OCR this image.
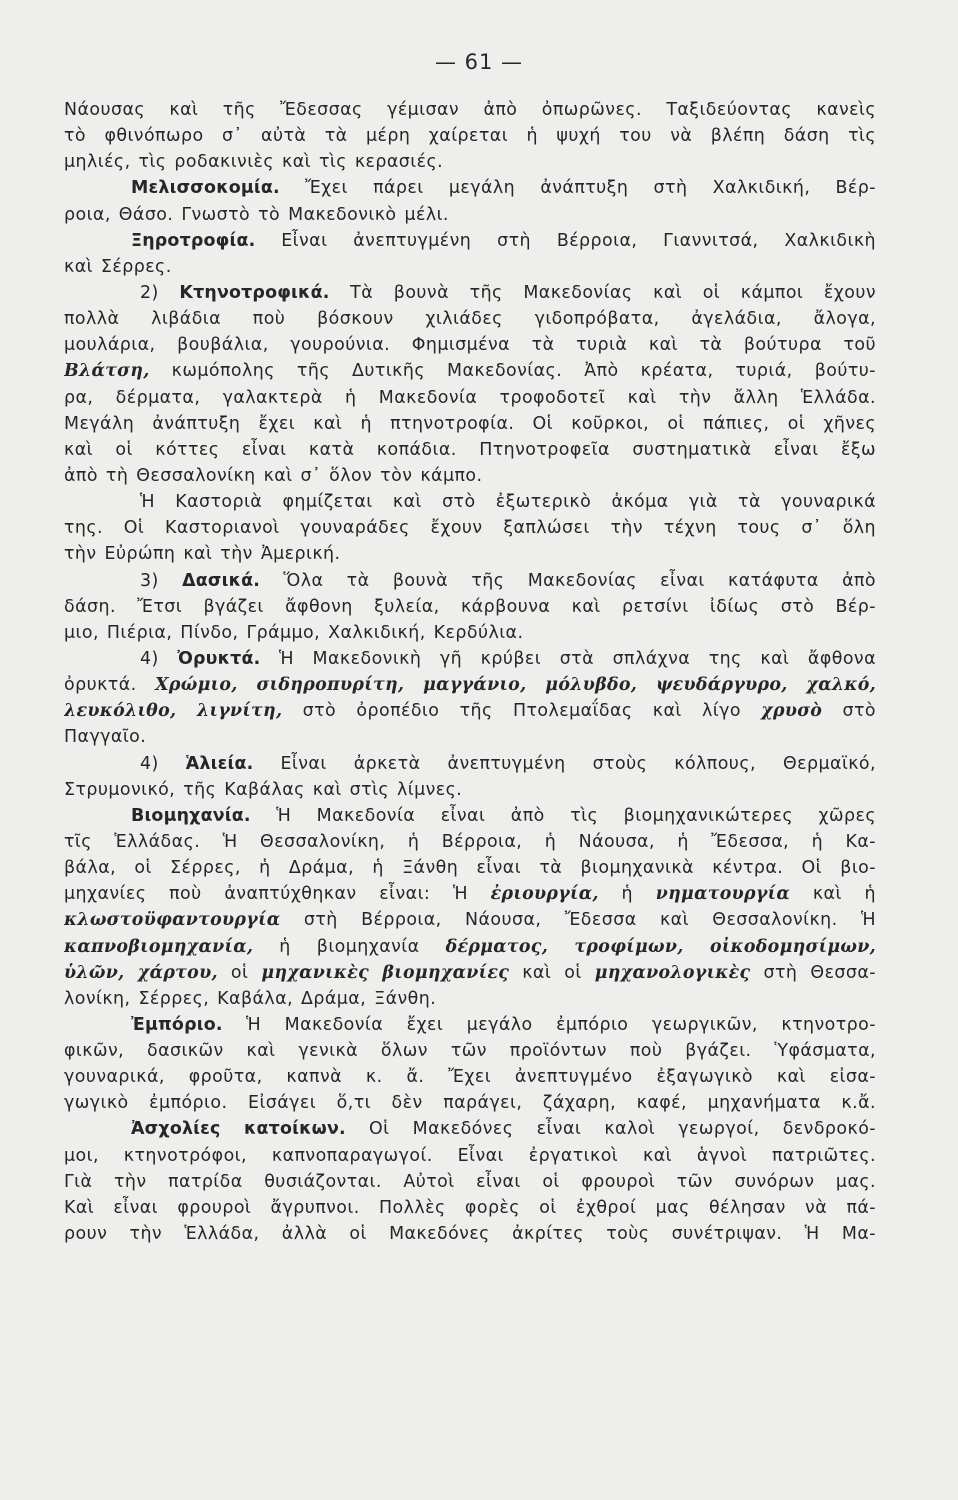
— 61 —
Νάουσας καὶ τῆς Ἔδεσσας γέμισαν ἀπὸ ὀπωρῶνες. Ταξιδεύοντας κανεὶς
τὸ φθινόπωρο σ᾽ αὐτὰ τὰ μέρη χαίρεται ἡ ψυχή του νὰ βλέπη δάση τὶς
μηλιές, τὶς ροδακινιὲς καὶ τὶς κερασιές.
Μελισσοκομία. Ἔχει πάρει μεγάλη ἀνάπτυξη στὴ Χαλκιδική, Βέρ-
ροια, Θάσο. Γνωστὸ τὸ Μακεδονικὸ μέλι.
Ξηροτροφία. Εἶναι ἀνεπτυγμένη στὴ Βέρροια, Γιαννιτσά, Χαλκιδικὴ
καὶ Σέρρες.
2) Κτηνοτροφικά. Τὰ βουνὰ τῆς Μακεδονίας καὶ οἱ κάμποι ἔχουν
πολλὰ λιβάδια ποὺ βόσκουν χιλιάδες γιδοπρόβατα, ἀγελάδια, ἄλογα,
μουλάρια, βουβάλια, γουρούνια. Φημισμένα τὰ τυριὰ καὶ τὰ βούτυρα τοῦ
Βλάτση, κωμόπολης τῆς Δυτικῆς Μακεδονίας. Ἀπὸ κρέατα, τυριά, βούτυ-
ρα, δέρματα, γαλακτερὰ ἡ Μακεδονία τροφοδοτεῖ καὶ τὴν ἄλλη Ἑλλάδα.
Μεγάλη ἀνάπτυξη ἔχει καὶ ἡ πτηνοτροφία. Οἱ κοῦρκοι, οἱ πάπιες, οἱ χῆνες
καὶ οἱ κόττες εἶναι κατὰ κοπάδια. Πτηνοτροφεῖα συστηματικὰ εἶναι ἔξω
ἀπὸ τὴ Θεσσαλονίκη καὶ σ᾽ ὅλον τὸν κάμπο.
Ἡ Καστοριὰ φημίζεται καὶ στὸ ἐξωτερικὸ ἀκόμα γιὰ τὰ γουναρικά
της. Οἱ Καστοριανοὶ γουναράδες ἔχουν ξαπλώσει τὴν τέχνη τους σ᾽ ὅλη
τὴν Εὐρώπη καὶ τὴν Ἀμερική.
3) Δασικά. Ὅλα τὰ βουνὰ τῆς Μακεδονίας εἶναι κατάφυτα ἀπὸ
δάση. Ἔτσι βγάζει ἄφθονη ξυλεία, κάρβουνα καὶ ρετσίνι ἰδίως στὸ Βέρ-
μιο, Πιέρια, Πίνδο, Γράμμο, Χαλκιδική, Κερδύλια.
4) Ὀρυκτά. Ἡ Μακεδονικὴ γῆ κρύβει στὰ σπλάχνα της καὶ ἄφθονα
ὀρυκτά. Χρώμιο, σιδηροπυρίτη, μαγγάνιο, μόλυβδο, ψευδάργυρο, χαλκό,
λευκόλιθο, λιγνίτη, στὸ ὀροπέδιο τῆς Πτολεμαΐδας καὶ λίγο χρυσὸ στὸ
Παγγαῖο.
4) Ἁλιεία. Εἶναι ἀρκετὰ ἀνεπτυγμένη στοὺς κόλπους, Θερμαϊκό,
Στρυμονικό, τῆς Καβάλας καὶ στὶς λίμνες.
Βιομηχανία. Ἡ Μακεδονία εἶναι ἀπὸ τὶς βιομηχανικώτερες χῶρες
τῖς Ἑλλάδας. Ἡ Θεσσαλονίκη, ἡ Βέρροια, ἡ Νάουσα, ἡ Ἔδεσσα, ἡ Κα-
βάλα, οἱ Σέρρες, ἡ Δράμα, ἡ Ξάνθη εἶναι τὰ βιομηχανικὰ κέντρα. Οἱ βιο-
μηχανίες ποὺ ἀναπτύχθηκαν εἶναι: Ἡ ἐριουργία, ἡ νηματουργία καὶ ἡ
κλωστοϋφαντουργία στὴ Βέρροια, Νάουσα, Ἔδεσσα καὶ Θεσσαλονίκη. Ἡ
καπνοβιομηχανία, ἡ βιομηχανία δέρματος, τροφίμων, οἰκοδομησίμων,
ὑλῶν, χάρτου, οἱ μηχανικὲς βιομηχανίες καὶ οἱ μηχανολογικὲς στὴ Θεσσα-
λονίκη, Σέρρες, Καβάλα, Δράμα, Ξάνθη.
Ἐμπόριο. Ἡ Μακεδονία ἔχει μεγάλο ἐμπόριο γεωργικῶν, κτηνοτρο-
φικῶν, δασικῶν καὶ γενικὰ ὅλων τῶν προϊόντων ποὺ βγάζει. Ὑφάσματα,
γουναρικά, φροῦτα, καπνὰ κ. ἄ. Ἔχει ἀνεπτυγμένο ἐξαγωγικὸ καὶ εἰσα-
γωγικὸ ἐμπόριο. Εἰσάγει ὅ,τι δὲν παράγει, ζάχαρη, καφέ, μηχανήματα κ.ἄ.
Ἀσχολίες κατοίκων. Οἱ Μακεδόνες εἶναι καλοὶ γεωργοί, δενδροκό-
μοι, κτηνοτρόφοι, καπνοπαραγωγοί. Εἶναι ἐργατικοὶ καὶ ἁγνοὶ πατριῶτες.
Γιὰ τὴν πατρίδα θυσιάζονται. Αὐτοὶ εἶναι οἱ φρουροὶ τῶν συνόρων μας.
Καὶ εἶναι φρουροὶ ἄγρυπνοι. Πολλὲς φορὲς οἱ ἐχθροί μας θέλησαν νὰ πά-
ρουν τὴν Ἑλλάδα, ἀλλὰ οἱ Μακεδόνες ἀκρίτες τοὺς συνέτριψαν. Ἡ Μα-
